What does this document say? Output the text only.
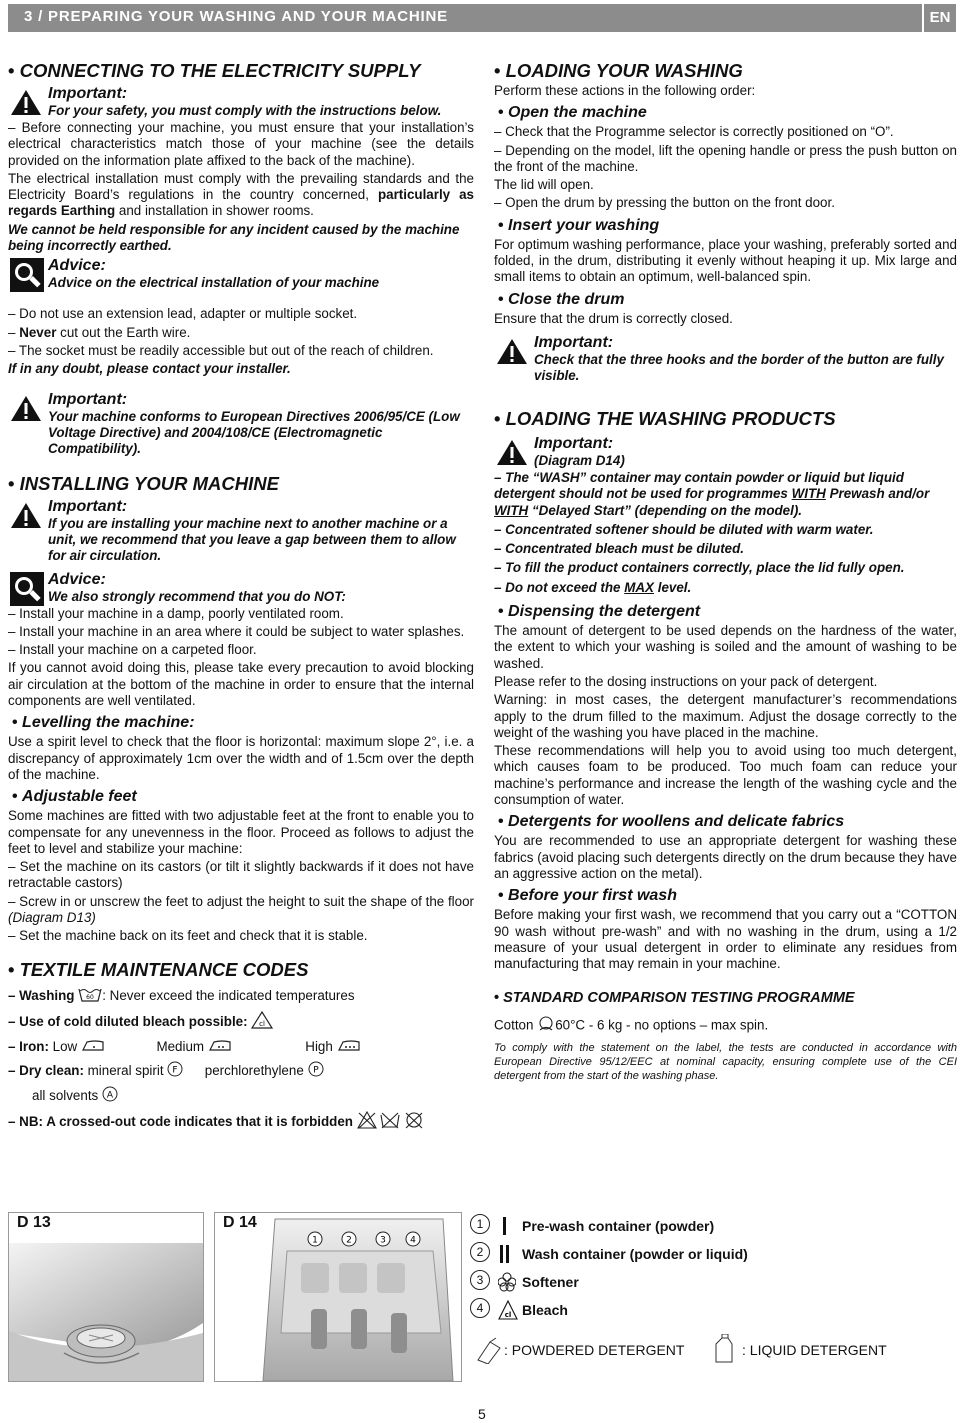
3 / PREPARING YOUR WASHING AND YOUR MACHINE	EN
• CONNECTING TO THE ELECTRICITY SUPPLY
Important:
For your safety, you must comply with the instructions below.

– Before connecting your machine, you must ensure that your installation’s electrical characteristics match those of your machine (see the details provided on the information plate affixed to the back of the machine).

The electrical installation must comply with the prevailing standards and the Electricity Board’s regulations in the country concerned, particularly as regards Earthing and installation in shower rooms.

We cannot be held responsible for any incident caused by the machine being incorrectly earthed.

Advice:
Advice on the electrical installation of your machine

– Do not use an extension lead, adapter or multiple socket.

– Never cut out the Earth wire.

– The socket must be readily accessible but out of the reach of children.

If in any doubt, please contact your installer.

Important:
Your machine conforms to European Directives 2006/95/CE (Low Voltage Directive) and 2004/108/CE (Electromagnetic Compatibility).
• INSTALLING YOUR MACHINE
Important:
If you are installing your machine next to another machine or a unit, we recommend that you leave a gap between them to allow for air circulation.
Advice:
We also strongly recommend that you do NOT:

– Install your machine in a damp, poorly ventilated room.

– Install your machine in an area where it could be subject to water splashes.

– Install your machine on a carpeted floor.

If you cannot avoid doing this, please take every precaution to avoid blocking air circulation at the bottom of the machine in order to ensure that the internal components are well ventilated.

• Levelling the machine:

Use a spirit level to check that the floor is horizontal: maximum slope 2°, i.e. a discrepancy of approximately 1cm over the width and of 1.5cm over the depth of the machine.

• Adjustable feet

Some machines are fitted with two adjustable feet at the front to enable you to compensate for any unevenness in the floor. Proceed as follows to adjust the feet to level and stabilize your machine:

– Set the machine on its castors (or tilt it slightly backwards if it does not have retractable castors)

– Screw in or unscrew the feet to adjust the height to suit the shape of the floor (Diagram D13)

– Set the machine back on its feet and check that it is stable.

• TEXTILE MAINTENANCE CODES
– Washing 60 : Never exceed the indicated temperatures
– Use of cold diluted bleach possible: cl
– Iron: Low	Medium	High
– Dry clean: mineral spirit F perchlorethylene P
all solvents A
– NB: A crossed-out code indicates that it is forbidden
• LOADING YOUR WASHING

Perform these actions in the following order:

• Open the machine

– Check that the Programme selector is correctly positioned on “O”.

– Depending on the model, lift the opening handle or press the push button on the front of the machine.

The lid will open.

– Open the drum by pressing the button on the front door.

• Insert your washing

For optimum washing performance, place your washing, preferably sorted and folded, in the drum, distributing it evenly without heaping it up. Mix large and small items to obtain an optimum, well-balanced spin.

• Close the drum

Ensure that the drum is correctly closed.

Important:
Check that the three hooks and the border of the button are fully visible.
• LOADING THE WASHING PRODUCTS
Important:
(Diagram D14)

– The “WASH” container may contain powder or liquid but liquid detergent should not be used for programmes WITH Prewash and/or WITH “Delayed Start” (depending on the model).

– Concentrated softener should be diluted with warm water.

– Concentrated bleach must be diluted.

– To fill the product containers correctly, place the lid fully open.

– Do not exceed the MAX level.

• Dispensing the detergent

The amount of detergent to be used depends on the hardness of the water, the extent to which your washing is soiled and the amount of washing to be washed.

Please refer to the dosing instructions on your pack of detergent.

Warning: in most cases, the detergent manufacturer’s recommendations apply to the drum filled to the maximum. Adjust the dosage correctly to the weight of the washing you have placed in the machine.

These recommendations will help you to avoid using too much detergent, which causes foam to be produced. Too much foam can reduce your machine’s performance and increase the length of the washing cycle and the consumption of water.

• Detergents for woollens and delicate fabrics

You are recommended to use an appropriate detergent for washing these fabrics (avoid placing such detergents directly on the drum because they have an aggressive action on the metal).

• Before your first wash

Before making your first wash, we recommend that you carry out a “COTTON 90 wash without pre-wash” and with no washing in the drum, using a 1/2 measure of your usual detergent in order to eliminate any residues from manufacturing that may remain in your machine.

• STANDARD COMPARISON TESTING PROGRAMME

Cotton 60°C - 6 kg - no options – max spin.

To comply with the statement on the label, the tests are conducted in accordance with European Directive 95/12/EEC at nominal capacity, ensuring complete use of the CEI detergent from the start of the washing phase.

D 13	D 14
1	2	3	4
1	Pre-wash container (powder)
2	Wash container (powder or liquid)
3	Softener
4	cl Bleach
: POWDERED DETERGENT	: LIQUID DETERGENT
5
